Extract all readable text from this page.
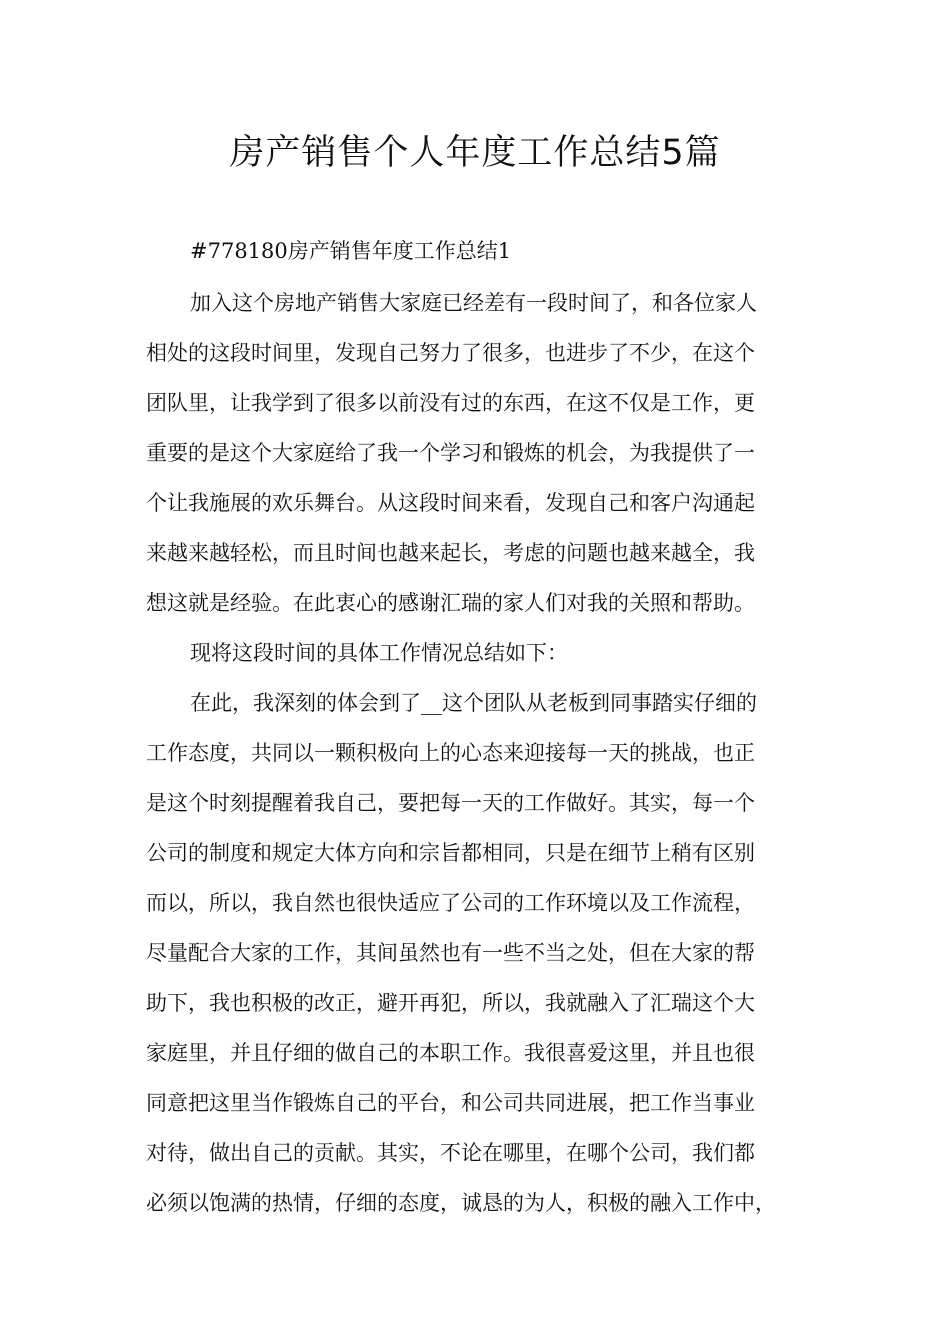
房产销售个人年度工作总结5篇

#778180房产销售年度工作总结1

加入这个房地产销售大家庭已经差有一段时间了，和各位家人
相处的这段时间里，发现自己努力了很多，也进步了不少，在这个
团队里，让我学到了很多以前没有过的东西，在这不仅是工作，更
重要的是这个大家庭给了我一个学习和锻炼的机会，为我提供了一
个让我施展的欢乐舞台。从这段时间来看，发现自己和客户沟通起
来越来越轻松，而且时间也越来起长，考虑的问题也越来越全，我
想这就是经验。在此衷心的感谢汇瑞的家人们对我的关照和帮助。
现将这段时间的具体工作情况总结如下：
在此，我深刻的体会到了__这个团队从老板到同事踏实仔细的
工作态度，共同以一颗积极向上的心态来迎接每一天的挑战，也正
是这个时刻提醒着我自己，要把每一天的工作做好。其实，每一个
公司的制度和规定大体方向和宗旨都相同，只是在细节上稍有区别
而以，所以，我自然也很快适应了公司的工作环境以及工作流程，
尽量配合大家的工作，其间虽然也有一些不当之处，但在大家的帮
助下，我也积极的改正，避开再犯，所以，我就融入了汇瑞这个大
家庭里，并且仔细的做自己的本职工作。我很喜爱这里，并且也很
同意把这里当作锻炼自己的平台，和公司共同进展，把工作当事业
对待，做出自己的贡献。其实，不论在哪里，在哪个公司，我们都
必须以饱满的热情，仔细的态度，诚恳的为人，积极的融入工作中，
